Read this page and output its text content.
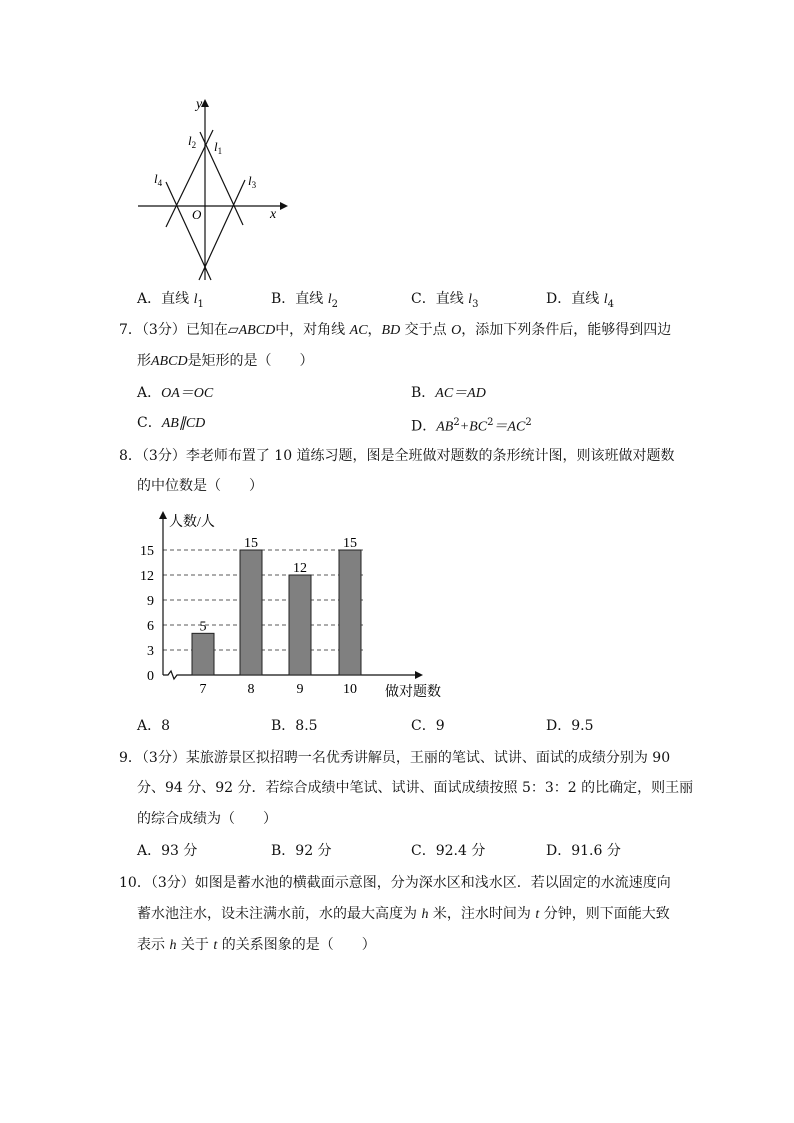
y
x
O
$l_2$ $l_1$
$l_4$	$l_3$
A．直线 $l_1$	B．直线 $l_2$	C．直线 $l_3$	D．直线 $l_4$
7．（3分）已知在▱ABCD中，对角线 AC，BD 交于点 O，添加下列条件后，能够得到四边
形ABCD是矩形的是（　　）
A．OA＝OC	B．AC＝AD
C．AB∥CD	D．$AB^2+BC^2=AC^2$
8．（3分）李老师布置了 10 道练习题，图是全班做对题数的条形统计图，则该班做对题数
的中位数是（　　）
0
3
6
9
12
15
人数/人
做对题数
5
7
15
8
12
9
15
10
A．8	B．8.5	C．9	D．9.5
9．（3分）某旅游景区拟招聘一名优秀讲解员，王丽的笔试、试讲、面试的成绩分别为 90
分、94 分、92 分．若综合成绩中笔试、试讲、面试成绩按照 5：3：2 的比确定，则王丽
的综合成绩为（　　）
A．93 分	B．92 分	C．92.4 分	D．91.6 分
10．（3分）如图是蓄水池的横截面示意图，分为深水区和浅水区．若以固定的水流速度向
蓄水池注水，设未注满水前，水的最大高度为 h 米，注水时间为 t 分钟，则下面能大致
表示 h 关于 t 的关系图象的是（　　）
